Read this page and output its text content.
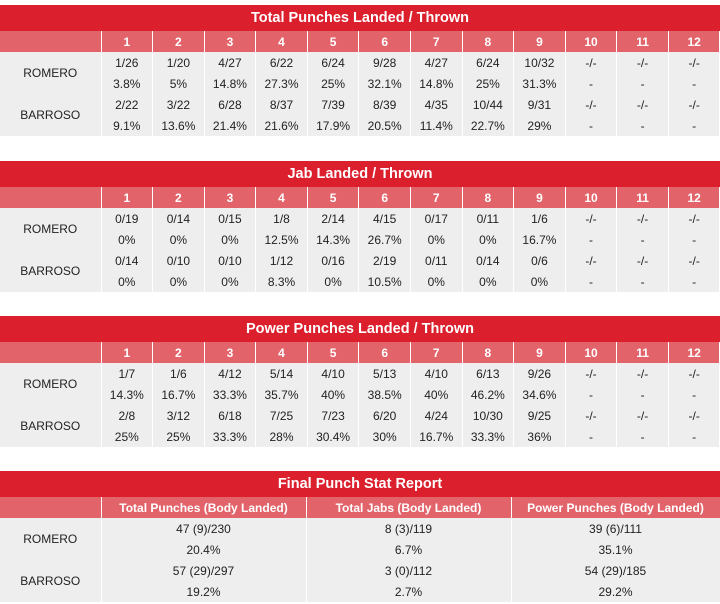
Total Punches Landed / Thrown
	1	2	3	4	5	6	7	8	9	10	11	12
ROMERO	1/26	1/20	4/27	6/22	6/24	9/28	4/27	6/24	10/32	-/-	-/-	-/-
	3.8%	5%	14.8%	27.3%	25%	32.1%	14.8%	25%	31.3%	-	-	-
BARROSO	2/22	3/22	6/28	8/37	7/39	8/39	4/35	10/44	9/31	-/-	-/-	-/-
	9.1%	13.6%	21.4%	21.6%	17.9%	20.5%	11.4%	22.7%	29%	-	-	-
Jab Landed / Thrown
	1	2	3	4	5	6	7	8	9	10	11	12
ROMERO	0/19	0/14	0/15	1/8	2/14	4/15	0/17	0/11	1/6	-/-	-/-	-/-
	0%	0%	0%	12.5%	14.3%	26.7%	0%	0%	16.7%	-	-	-
BARROSO	0/14	0/10	0/10	1/12	0/16	2/19	0/11	0/14	0/6	-/-	-/-	-/-
	0%	0%	0%	8.3%	0%	10.5%	0%	0%	0%	-	-	-
Power Punches Landed / Thrown
	1	2	3	4	5	6	7	8	9	10	11	12
ROMERO	1/7	1/6	4/12	5/14	4/10	5/13	4/10	6/13	9/26	-/-	-/-	-/-
	14.3%	16.7%	33.3%	35.7%	40%	38.5%	40%	46.2%	34.6%	-	-	-
BARROSO	2/8	3/12	6/18	7/25	7/23	6/20	4/24	10/30	9/25	-/-	-/-	-/-
	25%	25%	33.3%	28%	30.4%	30%	16.7%	33.3%	36%	-	-	-
Final Punch Stat Report
	Total Punches (Body Landed)	Total Jabs (Body Landed)	Power Punches (Body Landed)
ROMERO	47 (9)/230	8 (3)/119	39 (6)/111
	20.4%	6.7%	35.1%
BARROSO	57 (29)/297	3 (0)/112	54 (29)/185
	19.2%	2.7%	29.2%
